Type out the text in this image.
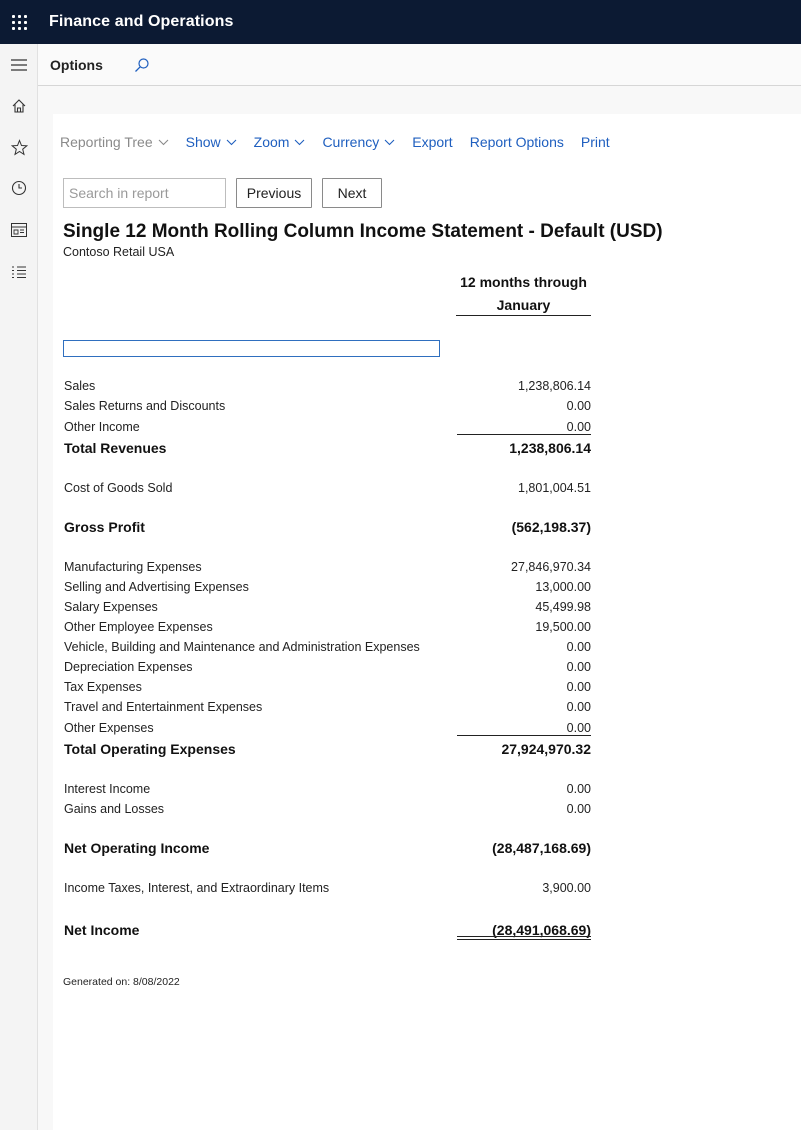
Finance and Operations
Options
Reporting Tree Show Zoom Currency Export Report Options Print
Search in report
Previous	Next
Single 12 Month Rolling Column Income Statement - Default (USD)
Contoso Retail USA
12 months through
January
Sales	1,238,806.14
Sales Returns and Discounts	0.00
Other Income	0.00
Total Revenues	1,238,806.14
Cost of Goods Sold	1,801,004.51
Gross Profit	(562,198.37)
Manufacturing Expenses	27,846,970.34
Selling and Advertising Expenses	13,000.00
Salary Expenses	45,499.98
Other Employee Expenses	19,500.00
Vehicle, Building and Maintenance and Administration Expenses	0.00
Depreciation Expenses	0.00
Tax Expenses	0.00
Travel and Entertainment Expenses	0.00
Other Expenses	0.00
Total Operating Expenses	27,924,970.32
Interest Income	0.00
Gains and Losses	0.00
Net Operating Income	(28,487,168.69)
Income Taxes, Interest, and Extraordinary Items	3,900.00
Net Income	(28,491,068.69)
Generated on: 8/08/2022
